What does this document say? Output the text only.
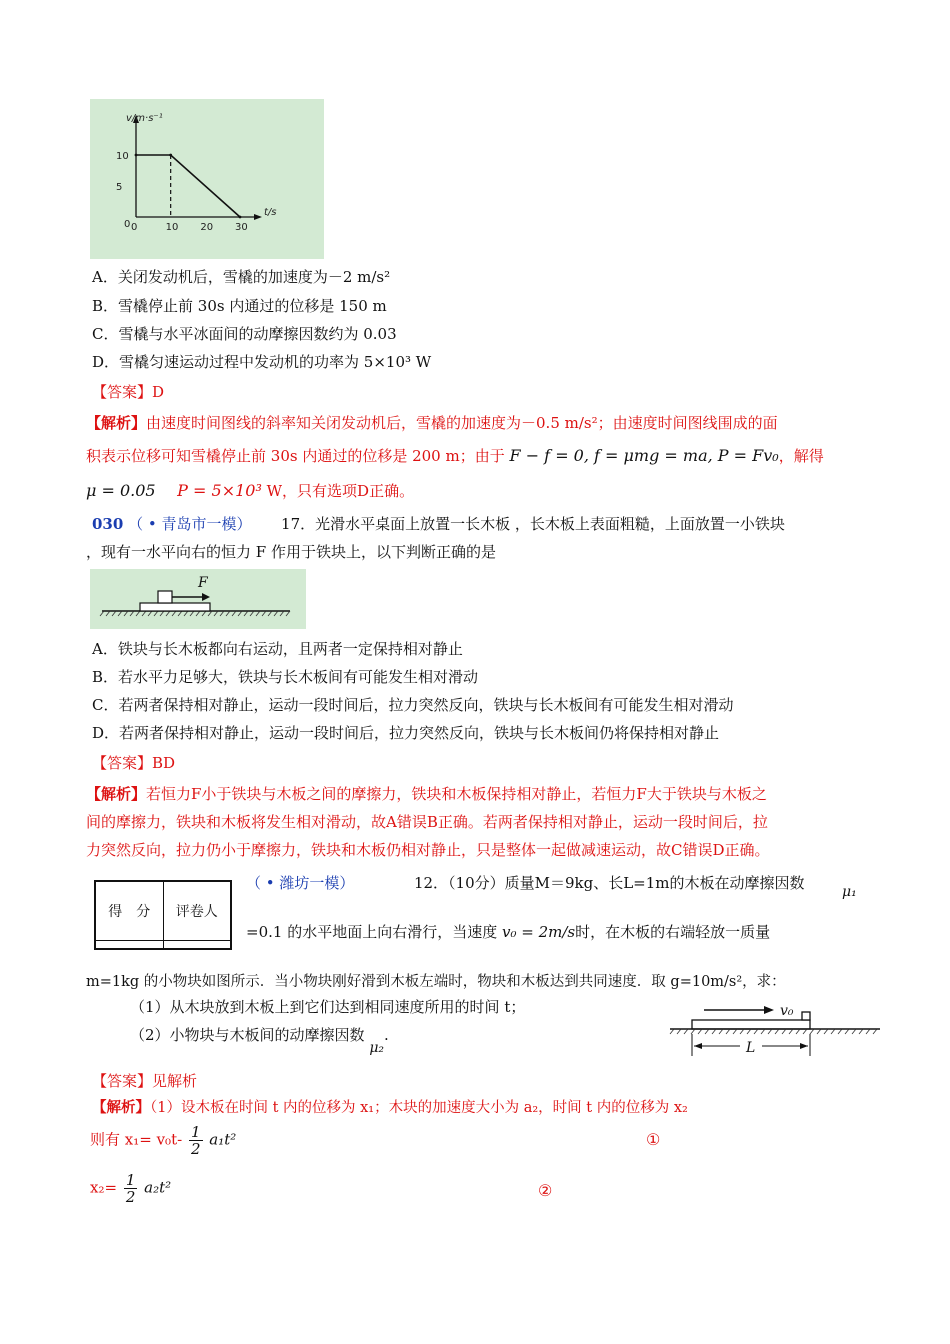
v/m·s⁻¹
t/s
0	10 20 30
5
10
0
A．关闭发动机后，雪橇的加速度为－2 m/s²
B．雪橇停止前 30s 内通过的位移是 150 m
C．雪橇与水平冰面间的动摩擦因数约为 0.03
D．雪橇匀速运动过程中发动机的功率为 5×10³ W
【答案】D
【解析】由速度时间图线的斜率知关闭发动机后，雪橇的加速度为－0.5 m/s²；由速度时间图线围成的面
积表示位移可知雪橇停止前 30s 内通过的位移是 200 m；由于 F − f = 0, f = μmg = ma, P = Fv₀，解得
μ = 0.05 P = 5×10³ W，只有选项D正确。
030 （ • 青岛市一模） 17．光滑水平桌面上放置一长木板 ，长木板上表面粗糙，上面放置一小铁块
，现有一水平向右的恒力 F 作用于铁块上，以下判断正确的是
F
A．铁块与长木板都向右运动，且两者一定保持相对静止
B．若水平力足够大，铁块与长木板间有可能发生相对滑动
C．若两者保持相对静止，运动一段时间后，拉力突然反向，铁块与长木板间有可能发生相对滑动
D．若两者保持相对静止，运动一段时间后，拉力突然反向，铁块与长木板间仍将保持相对静止
【答案】BD
【解析】若恒力F小于铁块与木板之间的摩擦力，铁块和木板保持相对静止，若恒力F大于铁块与木板之
间的摩擦力，铁块和木板将发生相对滑动，故A错误B正确。若两者保持相对静止，运动一段时间后，拉
力突然反向，拉力仍小于摩擦力，铁块和木板仍相对静止，只是整体一起做减速运动，故C错误D正确。
得　分	评卷人

（ • 潍坊一模）	12．（10分）质量M＝9kg、长L=1m的木板在动摩擦因数	μ₁
=0.1 的水平地面上向右滑行，当速度 v₀ = 2m/s时，在木板的右端轻放一质量
m=1kg 的小物块如图所示．当小物块刚好滑到木板左端时，物块和木板达到共同速度．取 g=10m/s²，求：
（1）从木块放到木板上到它们达到相同速度所用的时间 t；
（2）小物块与木板间的动摩擦因数 μ₂.
v₀
L
【答案】见解析
【解析】（1）设木板在时间 t 内的位移为 x₁；木块的加速度大小为 a₂，时间 t 内的位移为 x₂
则有 $x_1= v_0t- \frac{1}{2} a_1t^2$	①
$x_2= \frac{1}{2} a_2t^2$	②
